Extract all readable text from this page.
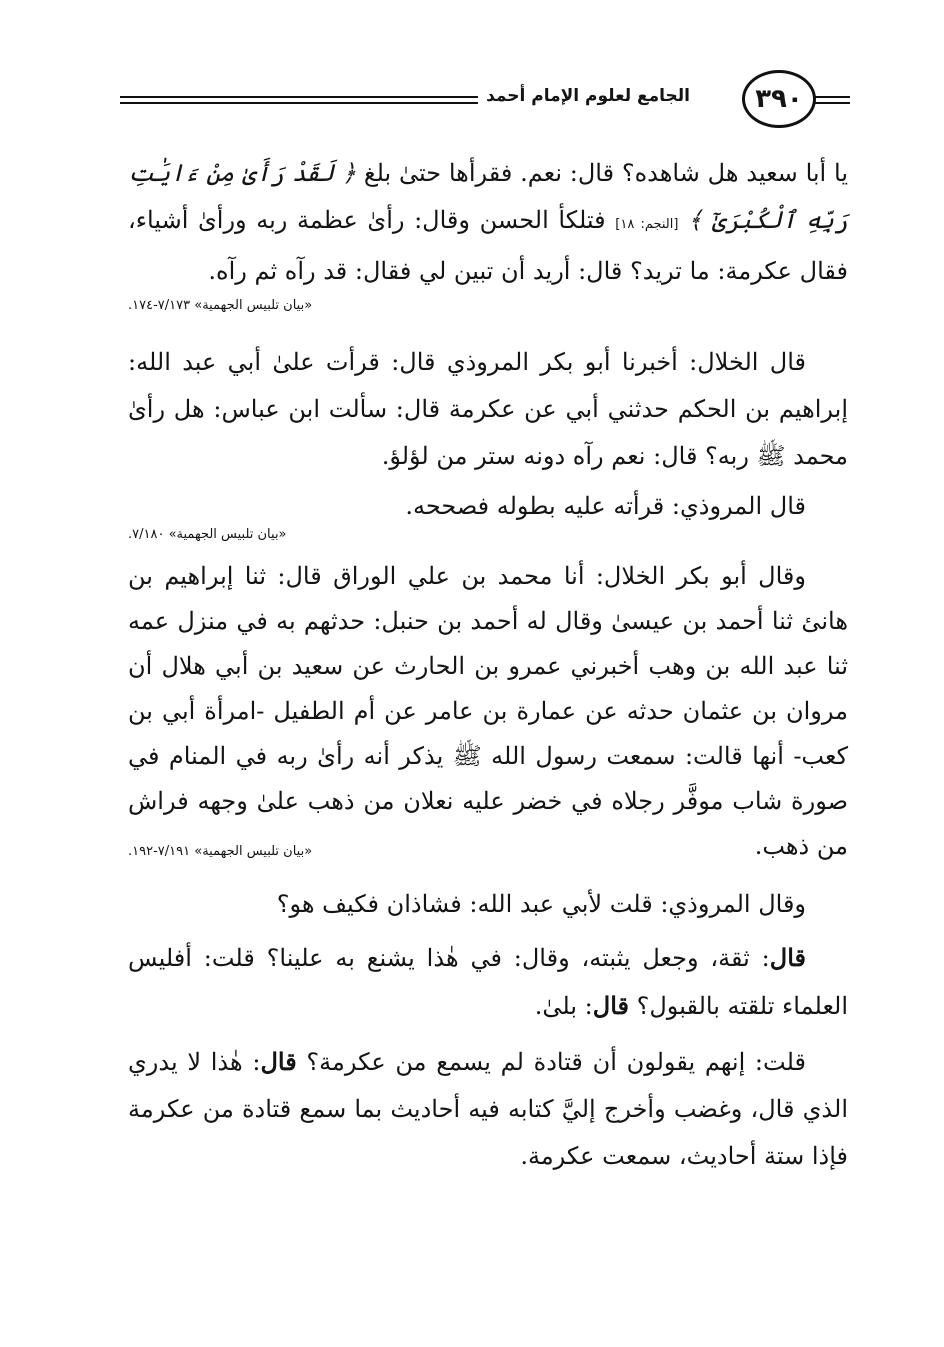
الجامع لعلوم الإمام أحمد	٣٩٠

يا أبا سعيد هل شاهده؟ قال: نعم. فقرأها حتىٰ بلغ ﴿ لَقَدْ رَأَىٰ مِنْ ءَايَٰتِ رَبِّهِ ٱلْكُبْرَىٰٓ ﴾ [النجم: ١٨] فتلكأ الحسن وقال: رأىٰ عظمة ربه ورأىٰ أشياء، فقال عكرمة: ما تريد؟ قال: أريد أن تبين لي فقال: قد رآه ثم رآه.

«بيان تلبيس الجهمية» ٧/١٧٣-١٧٤.

قال الخلال: أخبرنا أبو بكر المروذي قال: قرأت علىٰ أبي عبد الله: إبراهيم بن الحكم حدثني أبي عن عكرمة قال: سألت ابن عباس: هل رأىٰ محمد ﷺ ربه؟ قال: نعم رآه دونه ستر من لؤلؤ.

قال المروذي: قرأته عليه بطوله فصححه.

«بيان تلبيس الجهمية» ٧/١٨٠.

وقال أبو بكر الخلال: أنا محمد بن علي الوراق قال: ثنا إبراهيم بن هانئ ثنا أحمد بن عيسىٰ وقال له أحمد بن حنبل: حدثهم به في منزل عمه ثنا عبد الله بن وهب أخبرني عمرو بن الحارث عن سعيد بن أبي هلال أن مروان بن عثمان حدثه عن عمارة بن عامر عن أم الطفيل -امرأة أبي بن كعب- أنها قالت: سمعت رسول الله ﷺ يذكر أنه رأىٰ ربه في المنام في صورة شاب موفَّر رجلاه في خضر عليه نعلان من ذهب علىٰ وجهه فراش من ذهب.

«بيان تلبيس الجهمية» ٧/١٩١-١٩٢.

وقال المروذي: قلت لأبي عبد الله: فشاذان فكيف هو؟

قال: ثقة، وجعل يثبته، وقال: في هٰذا يشنع به علينا؟ قلت: أفليس العلماء تلقته بالقبول؟ قال: بلىٰ.

قلت: إنهم يقولون أن قتادة لم يسمع من عكرمة؟ قال: هٰذا لا يدري الذي قال، وغضب وأخرج إليَّ كتابه فيه أحاديث بما سمع قتادة من عكرمة فإذا ستة أحاديث، سمعت عكرمة.
